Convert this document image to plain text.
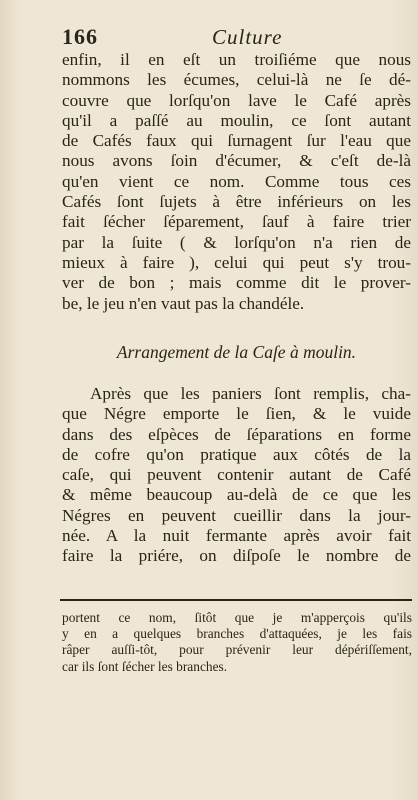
166	Culture
enfin, il en eſt un troiſiéme que nous
nommons les écumes, celui-là ne ſe dé-
couvre que lorſqu'on lave le Café après
qu'il a paſſé au moulin, ce ſont autant
de Cafés faux qui ſurnagent ſur l'eau que
nous avons ſoin d'écumer, & c'eſt de-là
qu'en vient ce nom. Comme tous ces
Cafés ſont ſujets à être inférieurs on les
fait ſécher ſéparement, ſauf à faire trier
par la ſuite ( & lorſqu'on n'a rien de
mieux à faire ), celui qui peut s'y trou-
ver de bon ; mais comme dit le prover-
be, le jeu n'en vaut pas la chandéle.
Arrangement de la Caſe à moulin.
Après que les paniers ſont remplis, cha-
que Négre emporte le ſien, & le vuide
dans des eſpèces de ſéparations en forme
de cofre qu'on pratique aux côtés de la
caſe, qui peuvent contenir autant de Café
& même beaucoup au-delà de ce que les
Négres en peuvent cueillir dans la jour-
née. A la nuit fermante après avoir fait
faire la priére, on diſpoſe le nombre de
portent ce nom, ſitôt que je m'apperçois qu'ils
y en a quelques branches d'attaquées, je les fais
râper auſſi-tôt, pour prévenir leur dépériſſement,
car ils ſont ſécher les branches.
